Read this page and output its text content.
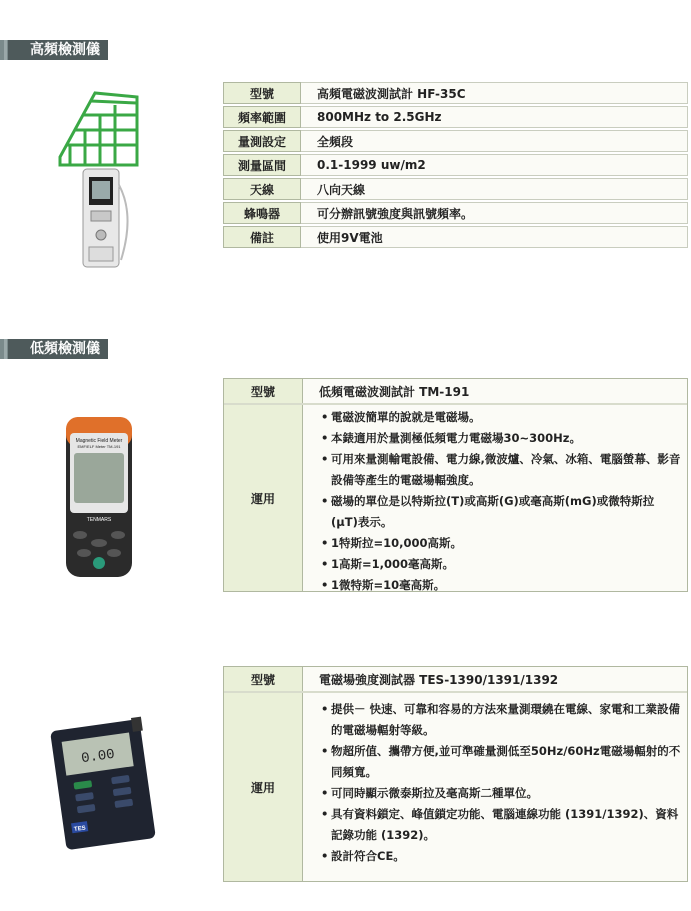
高頻檢測儀
型號	高頻電磁波測試計 HF-35C
頻率範圍	800MHz to 2.5GHz
量測設定	全頻段
測量區間	0.1-1999 uw/m2
天線	八向天線
蜂鳴器	可分辦訊號強度與訊號頻率。
備註	使用9V電池
低頻檢測儀
Magnetic Field Meter
EMF/ELF Meter TM-191
TENMARS
型號	低頻電磁波測試計 TM-191
運用
• 電磁波簡單的說就是電磁場。
• 本錶適用於量測極低頻電力電磁場30~300Hz。
• 可用來量測輸電設備、電力線,微波爐、冷氣、冰箱、電腦螢幕、影音設備等產生的電磁場輻強度。
• 磁場的單位是以特斯拉(T)或高斯(G)或毫高斯(mG)或微特斯拉(μT)表示。
• 1特斯拉=10,000高斯。
• 1高斯=1,000毫高斯。
• 1微特斯=10毫高斯。
0.00
TES
型號	電磁場強度測試器 TES-1390/1391/1392
運用
• 提供－ 快速、可靠和容易的方法來量測環繞在電線、家電和工業設備的電磁場輻射等級。
• 物超所值、攜帶方便,並可準確量測低至50Hz/60Hz電磁場輻射的不同頻寬。
• 可同時顯示微泰斯拉及毫高斯二種單位。
• 具有資料鎖定、峰值鎖定功能、電腦連線功能 (1391/1392)、資料記錄功能 (1392)。
• 設計符合CE。
